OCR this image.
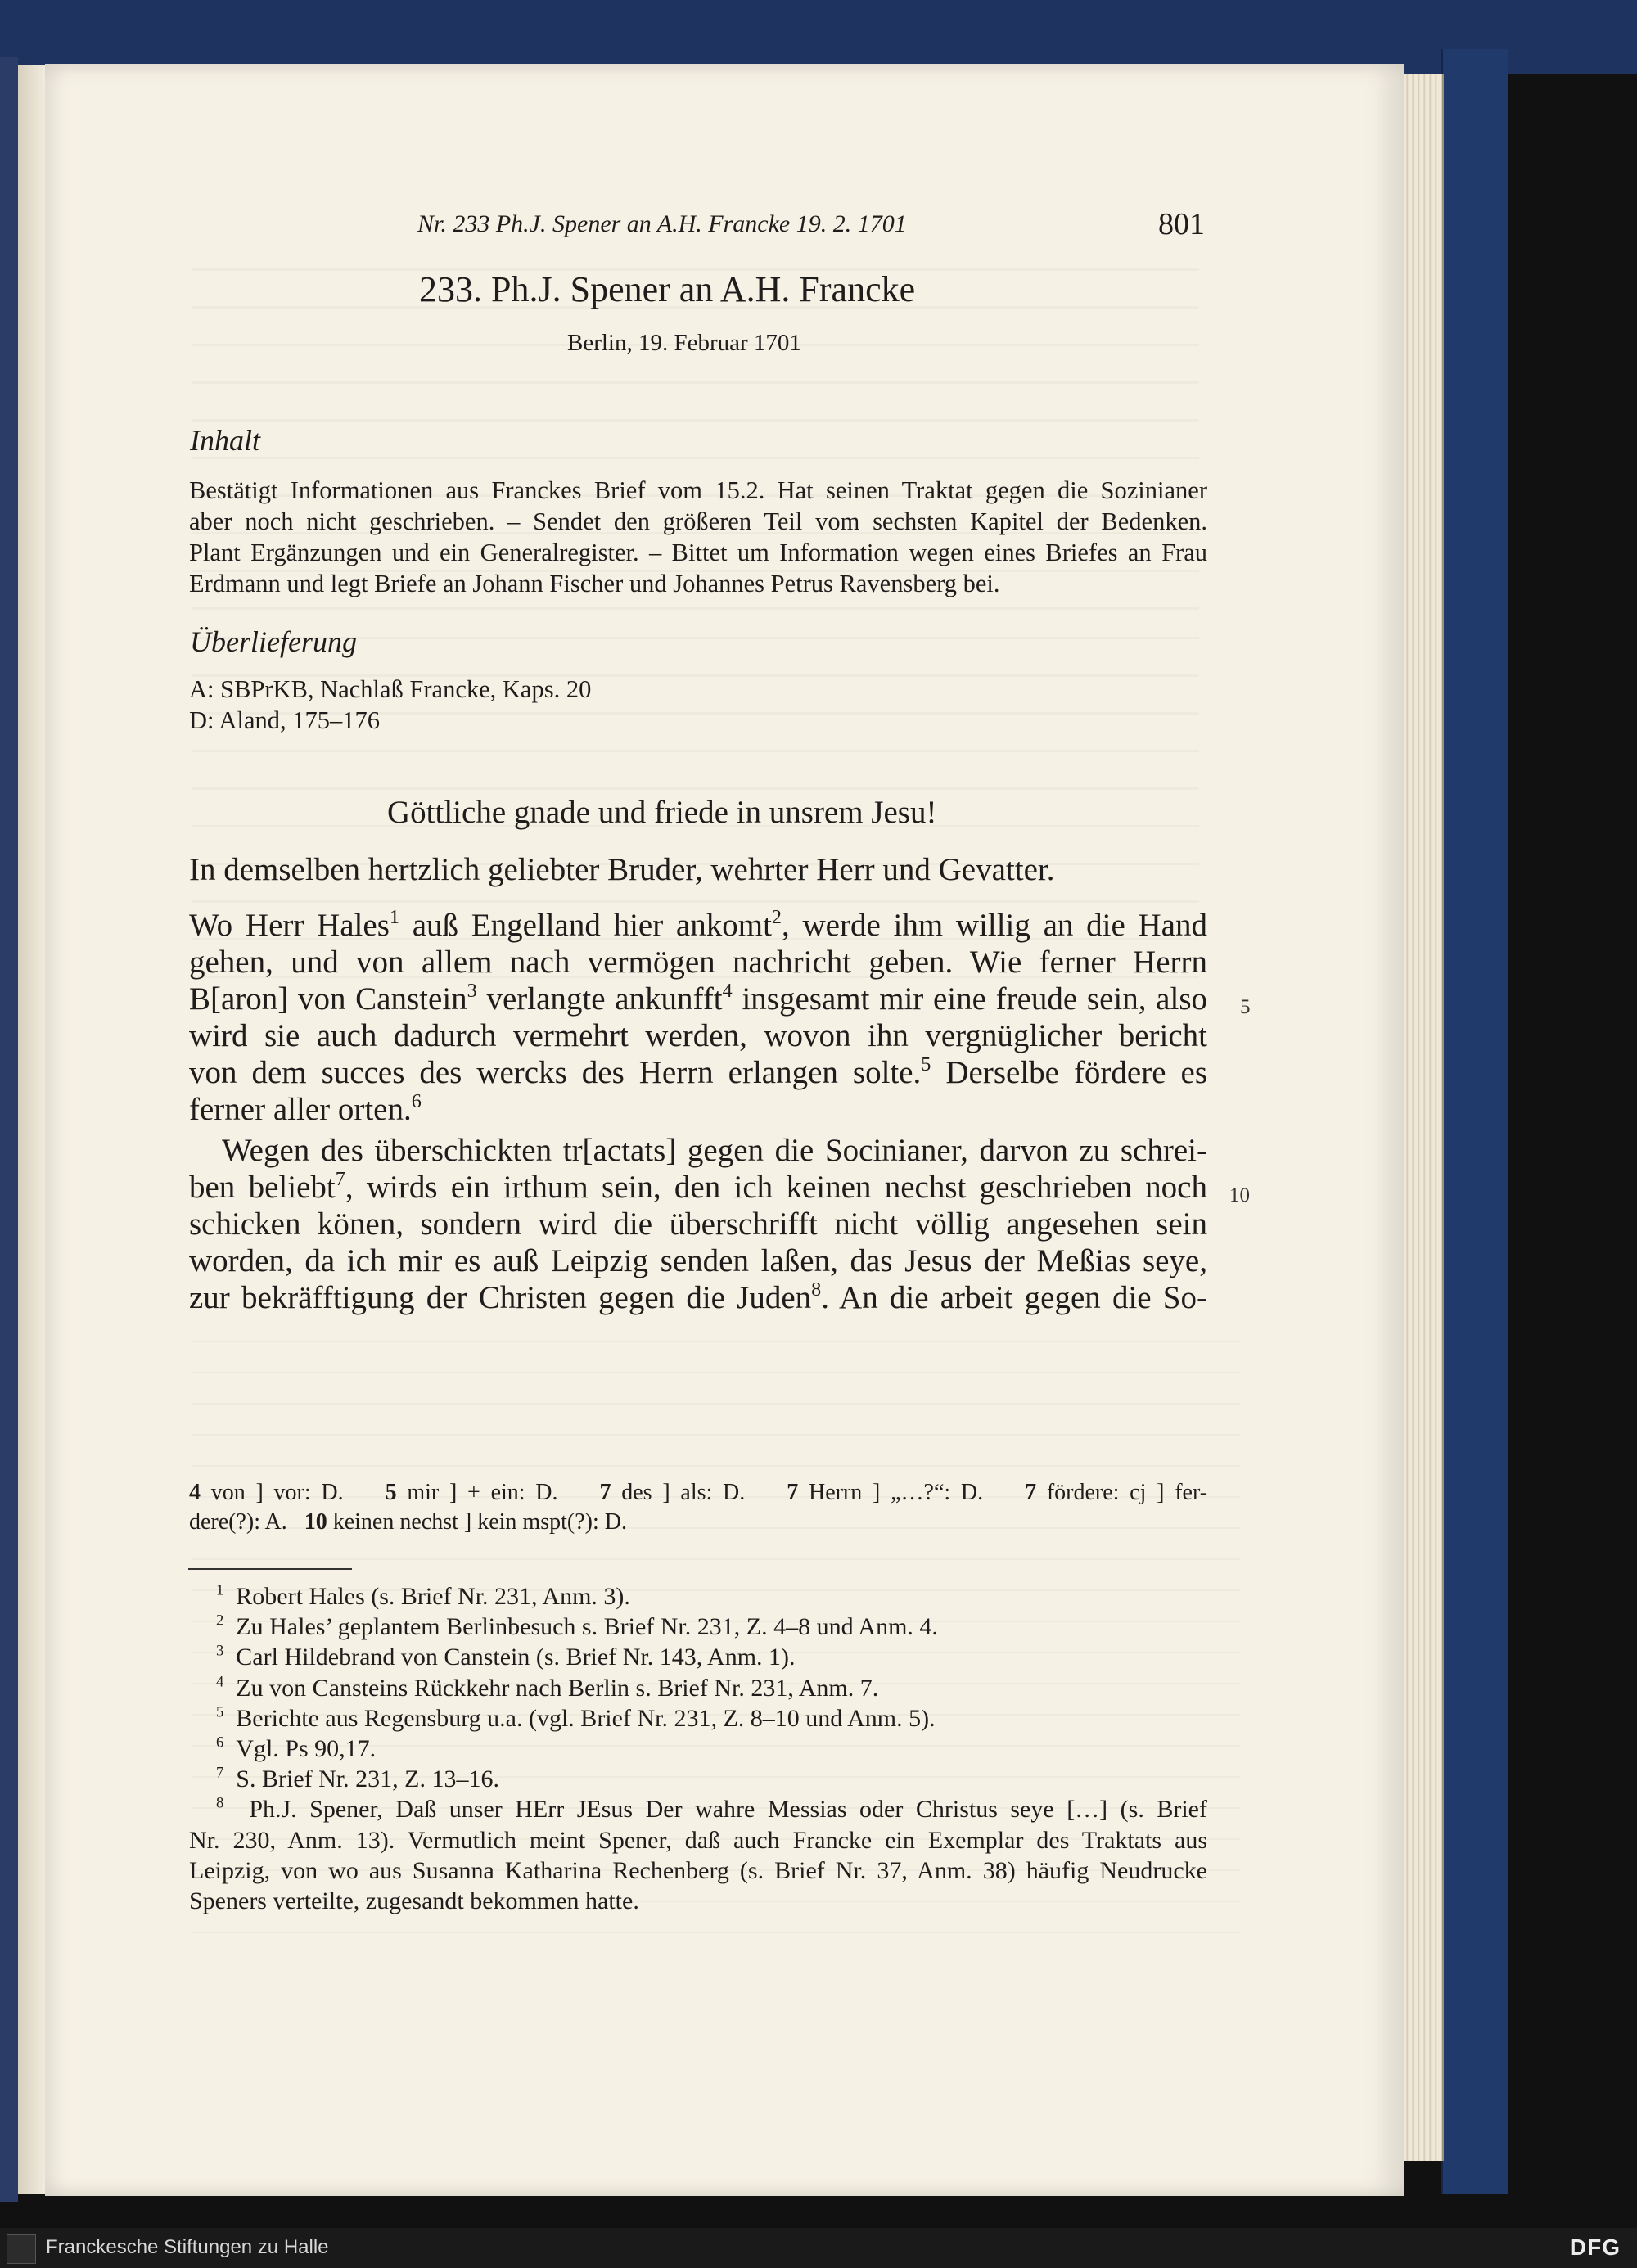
Nr. 233 Ph.J. Spener an A.H. Francke 19. 2. 1701	801
233. Ph.J. Spener an A.H. Francke
Berlin, 19. Februar 1701
Inhalt
Bestätigt Informationen aus Franckes Brief vom 15.2. Hat seinen Traktat gegen die Sozinianer
aber noch nicht geschrieben. – Sendet den größeren Teil vom sechsten Kapitel der Bedenken.
Plant Ergänzungen und ein Generalregister. – Bittet um Information wegen eines Briefes an Frau
Erdmann und legt Briefe an Johann Fischer und Johannes Petrus Ravensberg bei.
Überlieferung
A: SBPrKB, Nachlaß Francke, Kaps. 20
D: Aland, 175–176
Göttliche gnade und friede in unsrem Jesu!
In demselben hertzlich geliebter Bruder, wehrter Herr und Gevatter.
Wo Herr Hales$^1$ auß Engelland hier ankomt$^2$, werde ihm willig an die Hand
gehen, und von allem nach vermögen nachricht geben. Wie ferner Herrn
B[aron] von Canstein$^3$ verlangte ankunfft$^4$ insgesamt mir eine freude sein, also
wird sie auch dadurch vermehrt werden, wovon ihn vergnüglicher bericht
von dem succes des wercks des Herrn erlangen solte.$^5$ Derselbe fördere es
ferner aller orten.$^6$
Wegen des überschickten tr[actats] gegen die Socinianer, darvon zu schrei-
ben beliebt$^7$, wirds ein irthum sein, den ich keinen nechst geschrieben noch
schicken könen, sondern wird die überschrifft nicht völlig angesehen sein
worden, da ich mir es auß Leipzig senden laßen, das Jesus der Meßias seye,
zur bekräfftigung der Christen gegen die Juden$^8$. An die arbeit gegen die So-
5
10
4 von ] vor: D. 5 mir ] + ein: D. 7 des ] als: D. 7 Herrn ] „…?“: D. 7 fördere: cj ] fer-
dere(?): A. 10 keinen nechst ] kein mspt(?): D.
$^1$ Robert Hales (s. Brief Nr. 231, Anm. 3).
$^2$ Zu Hales’ geplantem Berlinbesuch s. Brief Nr. 231, Z. 4–8 und Anm. 4.
$^3$ Carl Hildebrand von Canstein (s. Brief Nr. 143, Anm. 1).
$^4$ Zu von Cansteins Rückkehr nach Berlin s. Brief Nr. 231, Anm. 7.
$^5$ Berichte aus Regensburg u.a. (vgl. Brief Nr. 231, Z. 8–10 und Anm. 5).
$^6$ Vgl. Ps 90,17.
$^7$ S. Brief Nr. 231, Z. 13–16.
$^8$ Ph.J. Spener, Daß unser HErr JEsus Der wahre Messias oder Christus seye […] (s. Brief
Nr. 230, Anm. 13). Vermutlich meint Spener, daß auch Francke ein Exemplar des Traktats aus
Leipzig, von wo aus Susanna Katharina Rechenberg (s. Brief Nr. 37, Anm. 38) häufig Neudrucke
Speners verteilte, zugesandt bekommen hatte.
Franckesche Stiftungen zu Halle	DFG
